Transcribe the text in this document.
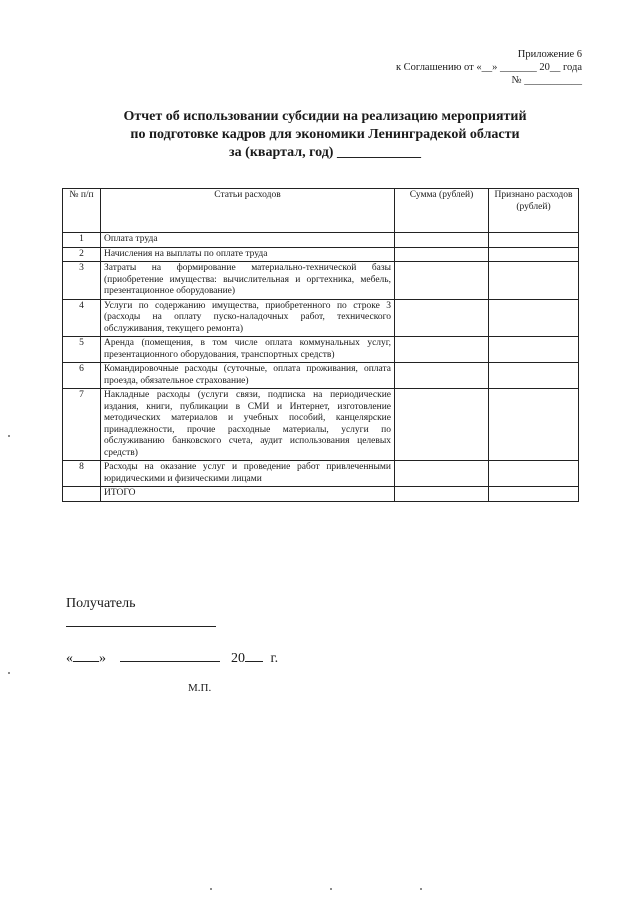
Приложение 6
к Соглашению от «__» _______ 20__ года
№ ___________
Отчет об использовании субсидии на реализацию мероприятий
по подготовке кадров для экономики Ленинградекой области
за (квартал, год) ____________
№ п/п	Статьи расходов	Сумма (рублей)	Признано расходов (рублей)
1	Оплата труда		
2	Начисления на выплаты по оплате труда		
3	Затраты на формирование материально-технической базы (приобретение имущества: вычислительная и оргтехника, мебель, презентационное оборудование)		
4	Услуги по содержанию имущества, приобретенного по строке 3 (расходы на оплату пуско-наладочных работ, технического обслуживания, текущего ремонта)		
5	Аренда (помещения, в том числе оплата коммунальных услуг, презентационного оборудования, транспортных средств)		
6	Командировочные расходы (суточные, оплата проживания, оплата проезда, обязательное страхование)		
7	Накладные расходы (услуги связи, подписка на периодические издания, книги, публикации в СМИ и Интернет, изготовление методических материалов и учебных пособий, канцелярские принадлежности, прочие расходные материалы, услуги по обслуживанию банковского счета, аудит использования целевых средств)		
8	Расходы на оказание услуг и проведение работ привлеченными юридическими и физическими лицами		
	ИТОГО		
Получатель
« »	20 г.
М.П.
